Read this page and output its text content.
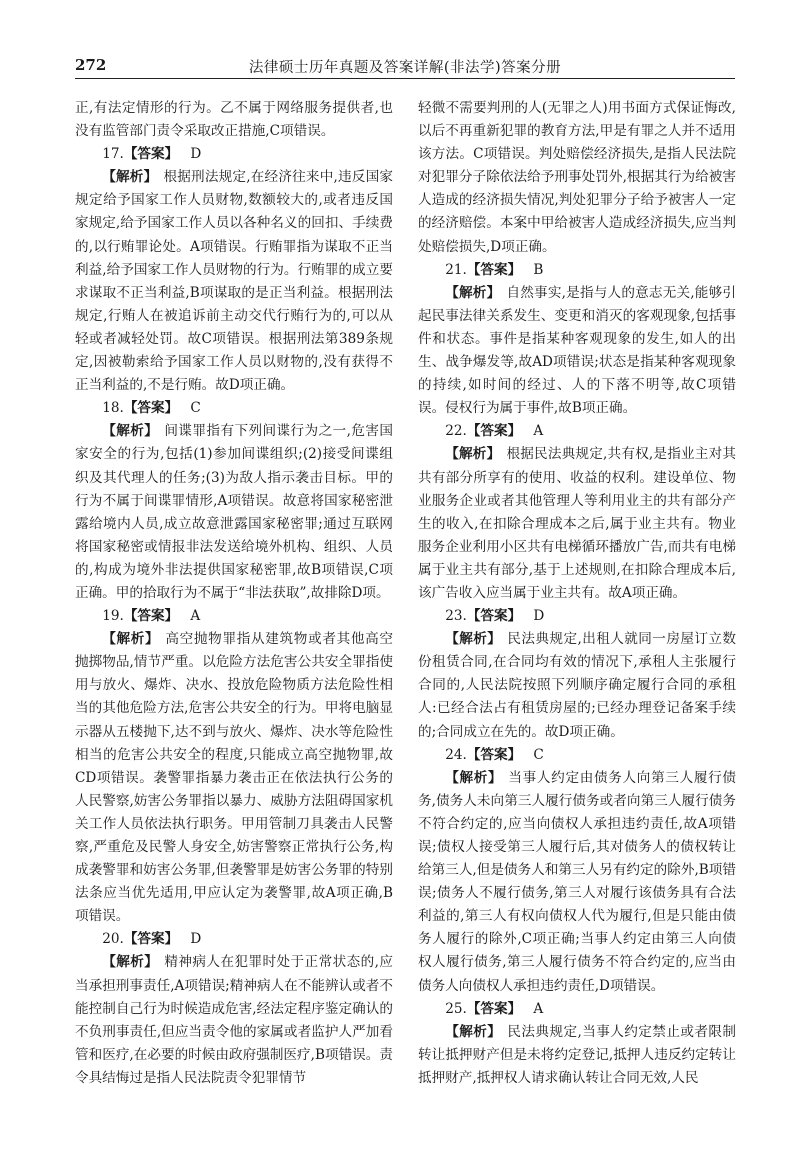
272	法律硕士历年真题及答案详解(非法学)答案分册

正,有法定情形的行为。乙不属于网络服务提供者,也没有监管部门责令采取改正措施,C项错误。

17.【答案】 D

【解析】 根据刑法规定,在经济往来中,违反国家规定给予国家工作人员财物,数额较大的,或者违反国家规定,给予国家工作人员以各种名义的回扣、手续费的,以行贿罪论处。A项错误。行贿罪指为谋取不正当利益,给予国家工作人员财物的行为。行贿罪的成立要求谋取不正当利益,B项谋取的是正当利益。根据刑法规定,行贿人在被追诉前主动交代行贿行为的,可以从轻或者减轻处罚。故C项错误。根据刑法第389条规定,因被勒索给予国家工作人员以财物的,没有获得不正当利益的,不是行贿。故D项正确。

18.【答案】 C

【解析】 间谍罪指有下列间谍行为之一,危害国家安全的行为,包括(1)参加间谍组织;(2)接受间谍组织及其代理人的任务;(3)为敌人指示袭击目标。甲的行为不属于间谍罪情形,A项错误。故意将国家秘密泄露给境内人员,成立故意泄露国家秘密罪;通过互联网将国家秘密或情报非法发送给境外机构、组织、人员的,构成为境外非法提供国家秘密罪,故B项错误,C项正确。甲的拾取行为不属于“非法获取”,故排除D项。

19.【答案】 A

【解析】 高空抛物罪指从建筑物或者其他高空抛掷物品,情节严重。以危险方法危害公共安全罪指使用与放火、爆炸、决水、投放危险物质方法危险性相当的其他危险方法,危害公共安全的行为。甲将电脑显示器从五楼抛下,达不到与放火、爆炸、决水等危险性相当的危害公共安全的程度,只能成立高空抛物罪,故CD项错误。袭警罪指暴力袭击正在依法执行公务的人民警察,妨害公务罪指以暴力、威胁方法阻碍国家机关工作人员依法执行职务。甲用管制刀具袭击人民警察,严重危及民警人身安全,妨害警察正常执行公务,构成袭警罪和妨害公务罪,但袭警罪是妨害公务罪的特别法条应当优先适用,甲应认定为袭警罪,故A项正确,B项错误。

20.【答案】 D

【解析】 精神病人在犯罪时处于正常状态的,应当承担刑事责任,A项错误;精神病人在不能辨认或者不能控制自己行为时候造成危害,经法定程序鉴定确认的不负刑事责任,但应当责令他的家属或者监护人严加看管和医疗,在必要的时候由政府强制医疗,B项错误。责令具结悔过是指人民法院责令犯罪情节

轻微不需要判刑的人(无罪之人)用书面方式保证悔改,以后不再重新犯罪的教育方法,甲是有罪之人并不适用该方法。C项错误。判处赔偿经济损失,是指人民法院对犯罪分子除依法给予刑事处罚外,根据其行为给被害人造成的经济损失情况,判处犯罪分子给予被害人一定的经济赔偿。本案中甲给被害人造成经济损失,应当判处赔偿损失,D项正确。

21.【答案】 B

【解析】 自然事实,是指与人的意志无关,能够引起民事法律关系发生、变更和消灭的客观现象,包括事件和状态。事件是指某种客观现象的发生,如人的出生、战争爆发等,故AD项错误;状态是指某种客观现象的持续,如时间的经过、人的下落不明等,故C项错误。侵权行为属于事件,故B项正确。

22.【答案】 A

【解析】 根据民法典规定,共有权,是指业主对其共有部分所享有的使用、收益的权利。建设单位、物业服务企业或者其他管理人等利用业主的共有部分产生的收入,在扣除合理成本之后,属于业主共有。物业服务企业利用小区共有电梯循环播放广告,而共有电梯属于业主共有部分,基于上述规则,在扣除合理成本后,该广告收入应当属于业主共有。故A项正确。

23.【答案】 D

【解析】 民法典规定,出租人就同一房屋订立数份租赁合同,在合同均有效的情况下,承租人主张履行合同的,人民法院按照下列顺序确定履行合同的承租人:已经合法占有租赁房屋的;已经办理登记备案手续的;合同成立在先的。故D项正确。

24.【答案】 C

【解析】 当事人约定由债务人向第三人履行债务,债务人未向第三人履行债务或者向第三人履行债务不符合约定的,应当向债权人承担违约责任,故A项错误;债权人接受第三人履行后,其对债务人的债权转让给第三人,但是债务人和第三人另有约定的除外,B项错误;债务人不履行债务,第三人对履行该债务具有合法利益的,第三人有权向债权人代为履行,但是只能由债务人履行的除外,C项正确;当事人约定由第三人向债权人履行债务,第三人履行债务不符合约定的,应当由债务人向债权人承担违约责任,D项错误。

25.【答案】 A

【解析】 民法典规定,当事人约定禁止或者限制转让抵押财产但是未将约定登记,抵押人违反约定转让抵押财产,抵押权人请求确认转让合同无效,人民
